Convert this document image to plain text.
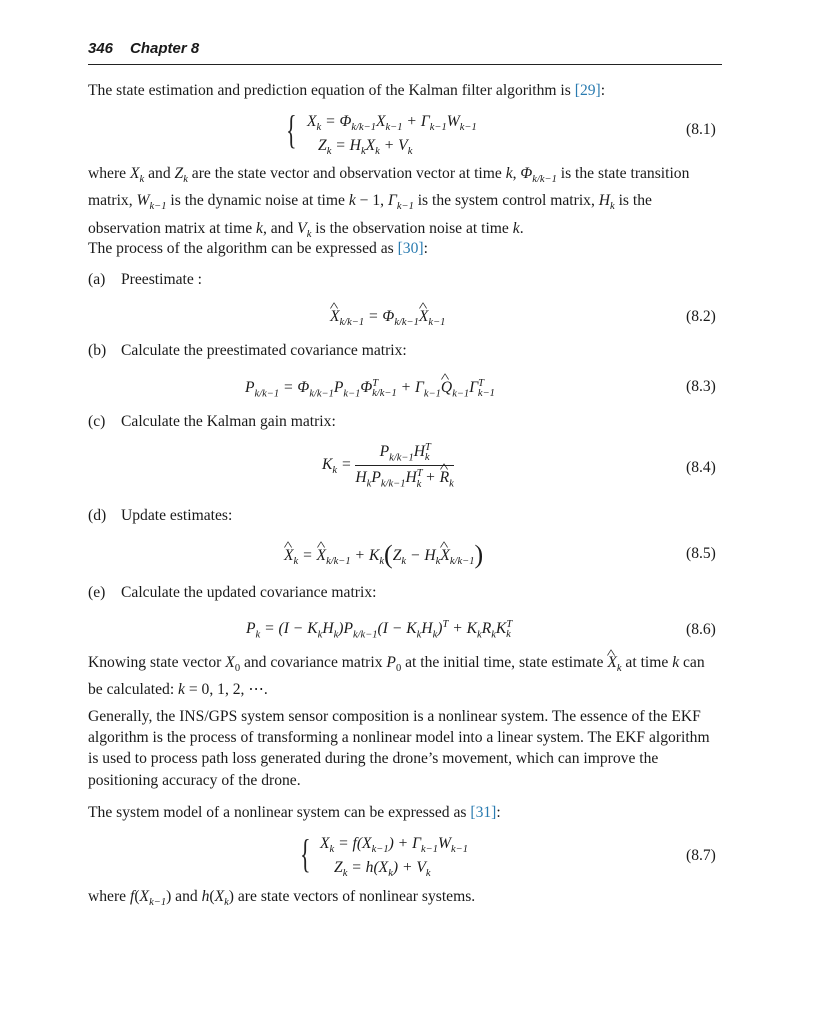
346 Chapter 8

The state estimation and prediction equation of the Kalman filter algorithm is [29]:

{ $X_k = \Phi_{k/k-1}X_{k-1} + \Gamma_{k-1}W_{k-1}$
$Z_k = H_kX_k + V_k$
(8.1)

where $X_k$ and $Z_k$ are the state vector and observation vector at time k, $\Phi_{k/k-1}$ is the state transition matrix, $W_{k-1}$ is the dynamic noise at time k − 1, $\Gamma_{k-1}$ is the system control matrix, $H_k$ is the observation matrix at time k, and $V_k$ is the observation noise at time k.

The process of the algorithm can be expressed as [30]:

(a) Preestimate :
^ $X_{k/k-1}$ = $\Phi_{k/k-1}\^{}$ $X_{k-1}$	(8.2)
(b) Calculate the preestimated covariance matrix:
$P_{k/k-1} = \Phi_{k/k-1}P_{k-1}\Phi^T_{k/k-1}$ + $\Gamma_{k-1}\^{}$ $Q_{k-1}\Gamma^T_{k-1}$	(8.3)
(c) Calculate the Kalman gain matrix:
$K_k = \frac{P_{k/k-1}H^T_k}{H_kP_{k/k-1}H^T_k + \^{} R_k}$	(8.4)
(d) Update estimates:
^ $X_k$ = ^ $X_{k/k-1} + K_k(Z_k$ − $H_k\^{}$ $X_{k/k-1}$)	(8.5)
(e) Calculate the updated covariance matrix:
$P_k = (I - K_kH_k)P_{k/k-1}(I - K_kH_k)^T + K_kR_kK^T_k$	(8.6)

Knowing state vector $X_0$ and covariance matrix $P_0$ at the initial time, state estimate ^ $X_k$ at time k can be calculated: k = 0, 1, 2, ⋯.

Generally, the INS/GPS system sensor composition is a nonlinear system. The essence of the EKF algorithm is the process of transforming a nonlinear model into a linear system. The EKF algorithm is used to process path loss generated during the drone’s movement, which can improve the positioning accuracy of the drone.

The system model of a nonlinear system can be expressed as [31]:

{ $X_k = f(X_{k-1}) + \Gamma_{k-1}W_{k-1}$
$Z_k = h(X_k) + V_k$
(8.7)

where $f(X_{k-1})$ and $h(X_k)$ are state vectors of nonlinear systems.
